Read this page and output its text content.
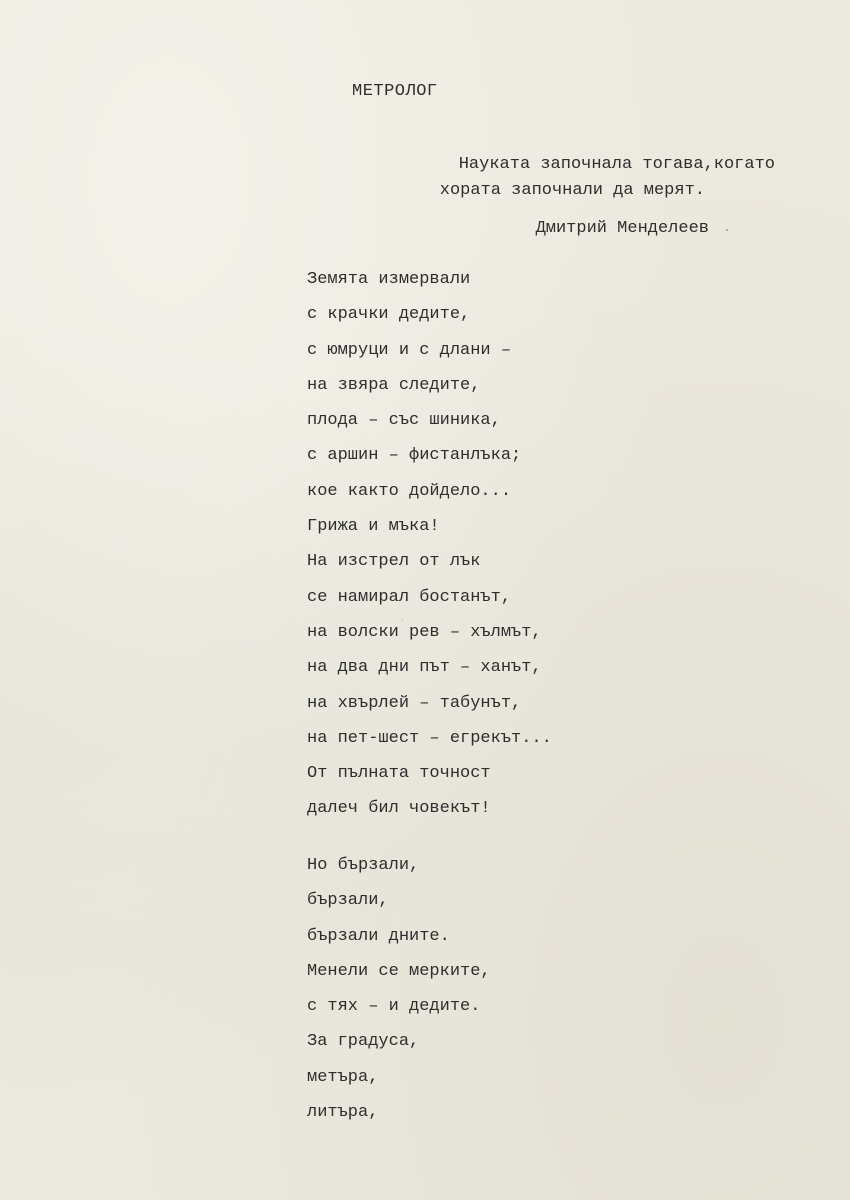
МЕТРОЛОГ
Науката започнала тогава,когато
хората започнали да мерят.
Дмитрий Менделеев
Земята измервали
с крачки дедите,
с юмруци и с длани –
на звяра следите,
плода – със шиника,
с аршин – фистанлъка;
кое както дойдело...
Грижа и мъка!
На изстрел от лък
се намирал бостанът,
на волски рев – хълмът,
на два дни път – ханът,
на хвърлей – табунът,
на пет-шест – егрекът...
От пълната точност
далеч бил човекът!
Но бързали,
бързали,
бързали дните.
Менели се мерките,
с тях – и дедите.
За градуса,
метъра,
литъра,
